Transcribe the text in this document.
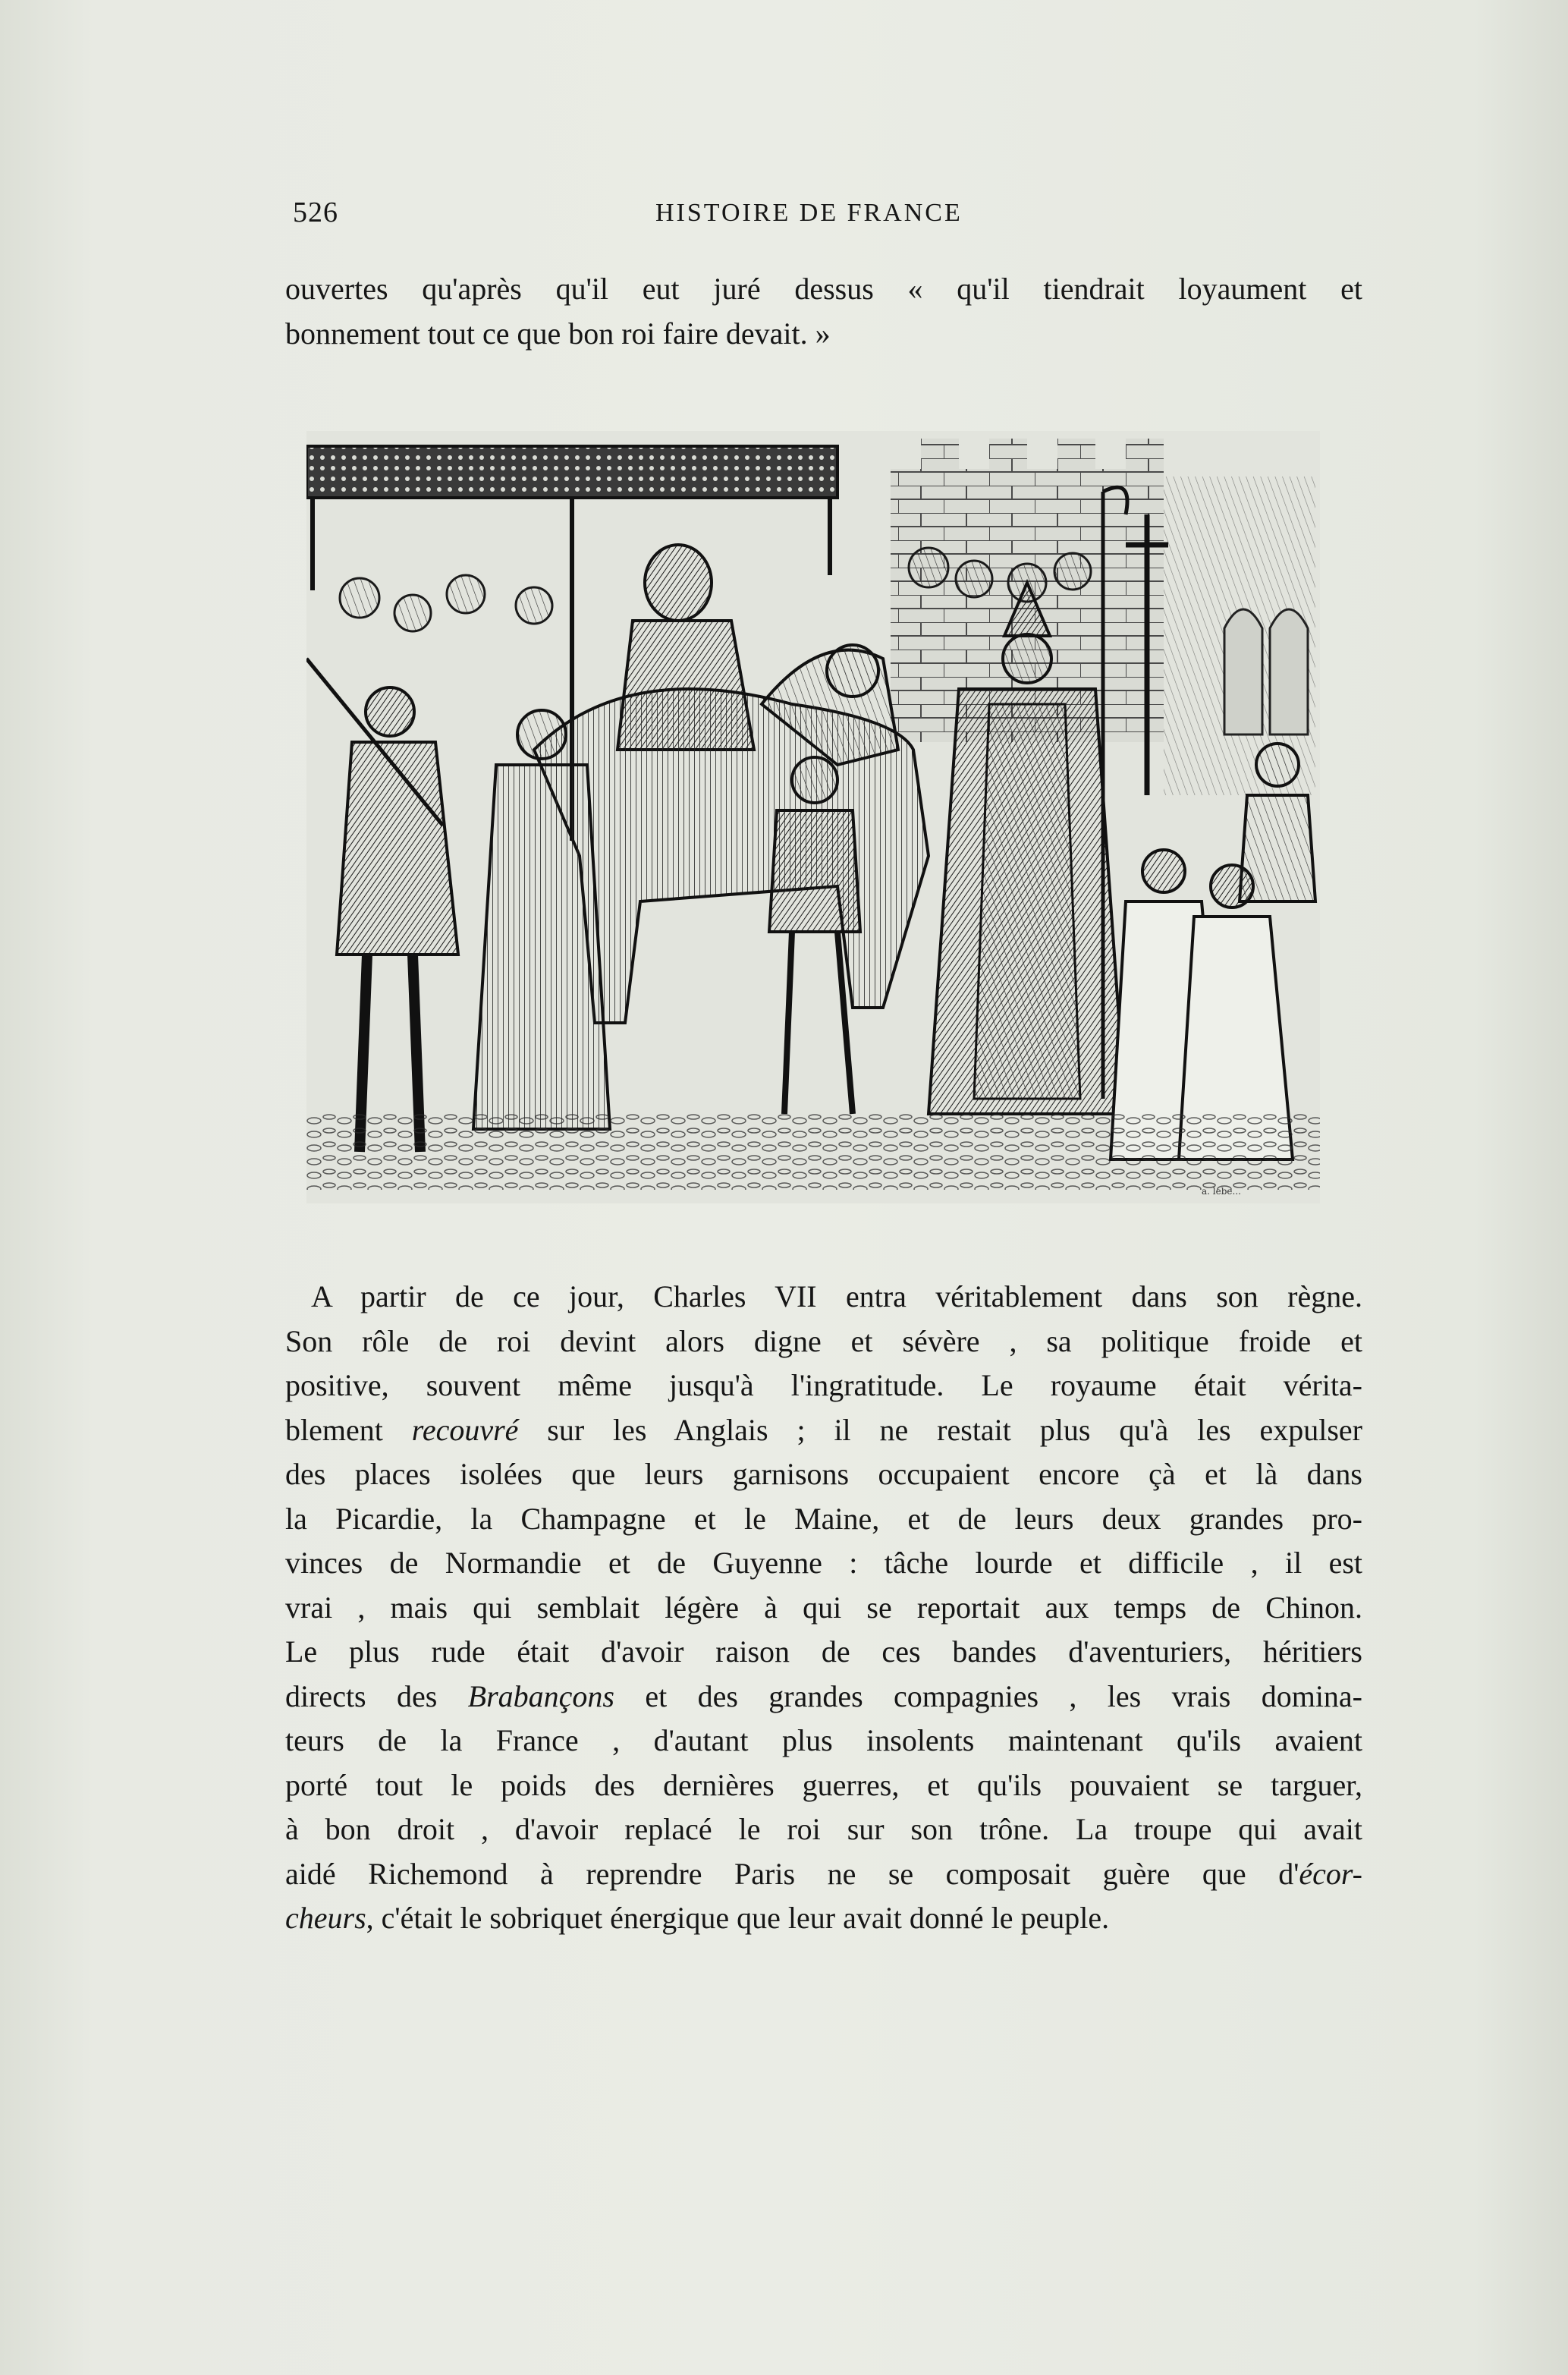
526	HISTOIRE DE FRANCE
ouvertes qu'après qu'il eut juré dessus « qu'il tiendrait loyaument et
bonnement tout ce que bon roi faire devait. »
a. lebe...
A partir de ce jour, Charles VII entra véritablement dans son règne.
Son rôle de roi devint alors digne et sévère , sa politique froide et
positive, souvent même jusqu'à l'ingratitude. Le royaume était vérita-
blement recouvré sur les Anglais ; il ne restait plus qu'à les expulser
des places isolées que leurs garnisons occupaient encore çà et là dans
la Picardie, la Champagne et le Maine, et de leurs deux grandes pro-
vinces de Normandie et de Guyenne : tâche lourde et difficile , il est
vrai , mais qui semblait légère à qui se reportait aux temps de Chinon.
Le plus rude était d'avoir raison de ces bandes d'aventuriers, héritiers
directs des Brabançons et des grandes compagnies , les vrais domina-
teurs de la France , d'autant plus insolents maintenant qu'ils avaient
porté tout le poids des dernières guerres, et qu'ils pouvaient se targuer,
à bon droit , d'avoir replacé le roi sur son trône. La troupe qui avait
aidé Richemond à reprendre Paris ne se composait guère que d'écor-
cheurs, c'était le sobriquet énergique que leur avait donné le peuple.
